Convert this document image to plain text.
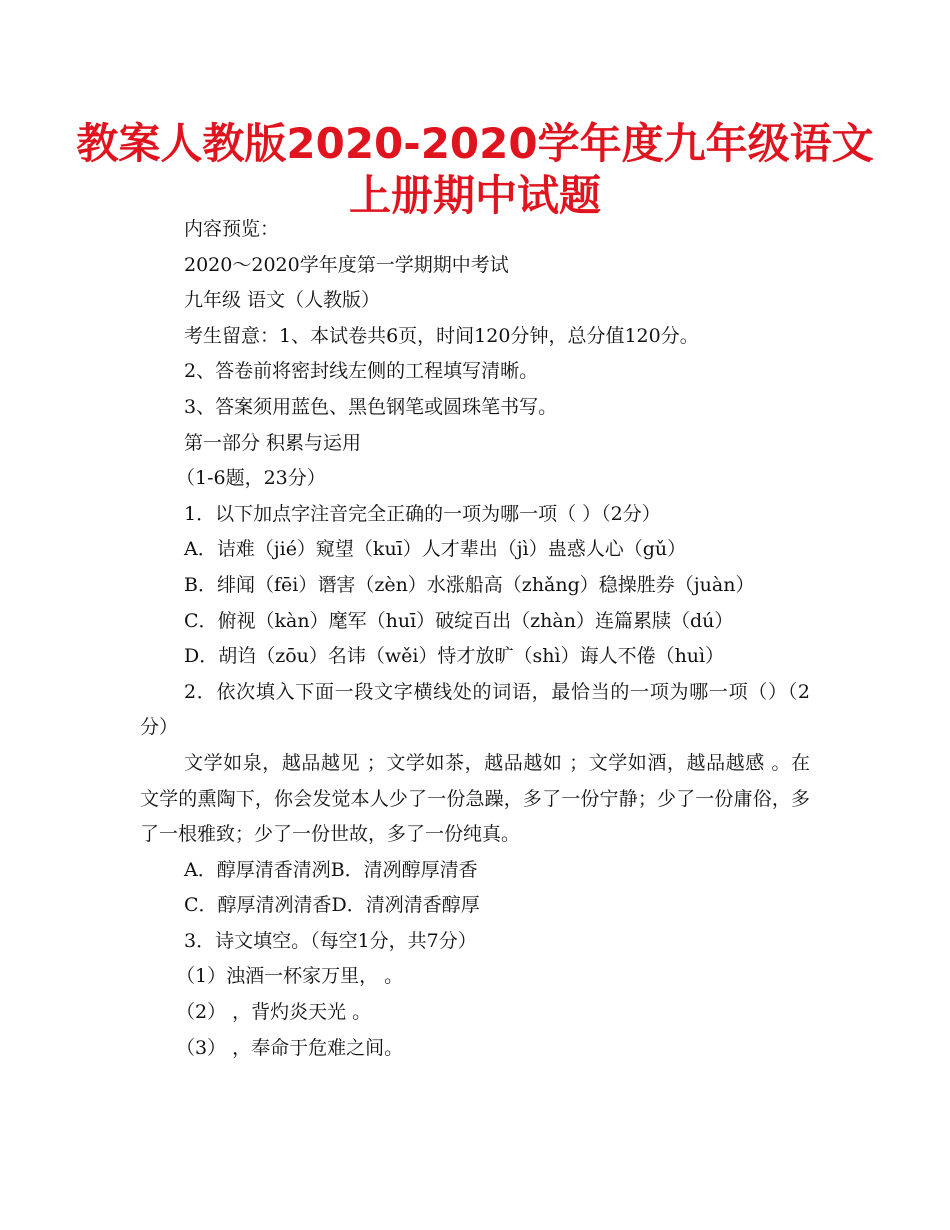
教案人教版2020-2020学年度九年级语文
上册期中试题

内容预览：

2020～2020学年度第一学期期中考试

九年级 语文（人教版）

考生留意：1、本试卷共6页，时间120分钟，总分值120分。

2、答卷前将密封线左侧的工程填写清晰。

3、答案须用蓝色、黑色钢笔或圆珠笔书写。

第一部分 积累与运用

（1-6题，23分）

1．以下加点字注音完全正确的一项为哪一项（ ）（2分）

A．诘难（jié）窥望（kuī）人才辈出（jì）蛊惑人心（gǔ）

B．绯闻（fēi）谮害（zèn）水涨船高（zhǎng）稳操胜券（juàn）

C．俯视（kàn）麾军（huī）破绽百出（zhàn）连篇累牍（dú）

D．胡诌（zōu）名讳（wěi）恃才放旷（shì）诲人不倦（huì）

2．依次填入下面一段文字横线处的词语，最恰当的一项为哪一项（）（2分）

文学如泉，越品越见 ；文学如茶，越品越如 ；文学如酒，越品越感 。在文学的熏陶下，你会发觉本人少了一份急躁，多了一份宁静；少了一份庸俗，多了一根雅致；少了一份世故，多了一份纯真。

A．醇厚清香清冽B．清冽醇厚清香

C．醇厚清冽清香D．清冽清香醇厚

3．诗文填空。（每空1分，共7分）

（1）浊酒一杯家万里， 。

（2） ，背灼炎天光 。

（3） ，奉命于危难之间。
